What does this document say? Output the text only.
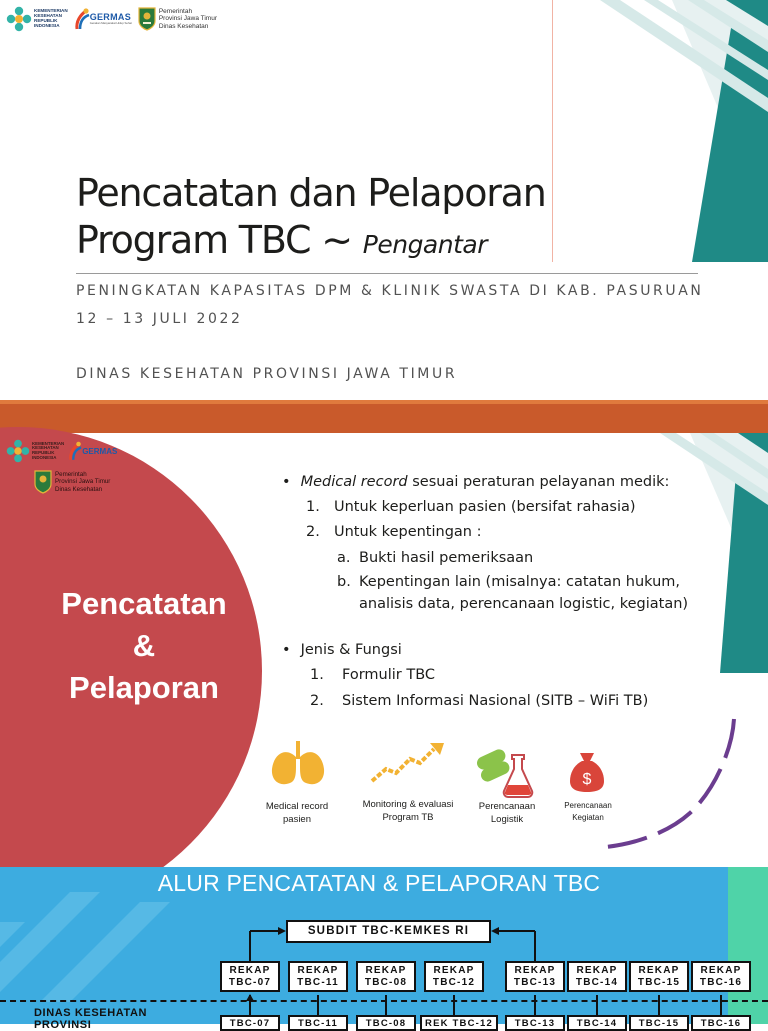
KEMENTERIAN
KESEHATAN
REPUBLIK
INDONESIA
GERMAS
Gerakan Masyarakat Hidup Sehat
Pemerintah
Provinsi Jawa Timur
Dinas Kesehatan
Pencatatan dan Pelaporan
Program TBC ~ Pengantar
PENINGKATAN KAPASITAS DPM & KLINIK SWASTA DI KAB. PASURUAN
12 – 13 JULI 2022
DINAS KESEHATAN PROVINSI JAWA TIMUR
KEMENTERIAN
KESEHATAN
REPUBLIK
INDONESIA
GERMAS
Pemerintah
Provinsi Jawa Timur
Dinas Kesehatan
Pencatatan
&
Pelaporan
• Medical record sesuai peraturan pelayanan medik:
1. Untuk keperluan pasien (bersifat rahasia)
2. Untuk kepentingan :
a. Bukti hasil pemeriksaan
b. Kepentingan lain (misalnya: catatan hukum,
analisis data, perencanaan logistic, kegiatan)
• Jenis & Fungsi
1. Formulir TBC
2. Sistem Informasi Nasional (SITB – WiFi TB)
Medical record
pasien
Monitoring & evaluasi
Program TB
Perencanaan
Logistik
$
Perencanaan
Kegiatan
ALUR PENCATATAN & PELAPORAN TBC
SUBDIT TBC-KEMKES RI
REKAP
TBC-07
REKAP
TBC-11
REKAP
TBC-08
REKAP
TBC-12
REKAP
TBC-13
REKAP
TBC-14
REKAP
TBC-15
REKAP
TBC-16
DINAS KESEHATAN
PROVINSI	TBC-07	TBC-11	TBC-08	REK TBC-12	TBC-13	TBC-14	TBC-15	TBC-16
